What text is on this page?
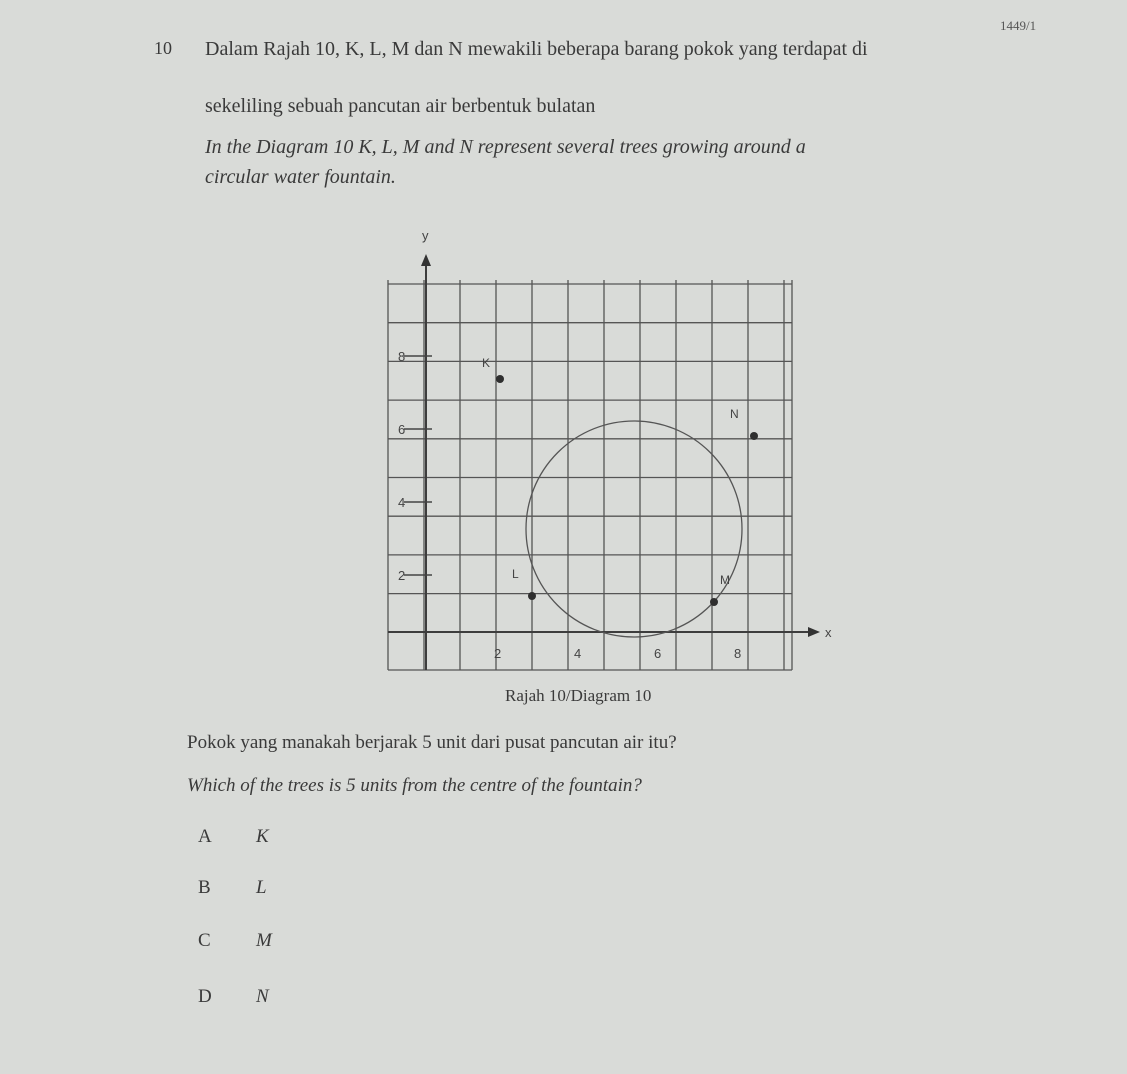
1449/1
10 Dalam Rajah 10, K, L, M dan N mewakili beberapa barang pokok yang terdapat di
sekeliling sebuah pancutan air berbentuk bulatan
In the Diagram 10 K, L, M and N represent several trees growing around a
circular water fountain.
x
y
2	4	6	8
2
4
6
8	K
L	M
N
Rajah 10/Diagram 10
Pokok yang manakah berjarak 5 unit dari pusat pancutan air itu?
Which of the trees is 5 units from the centre of the fountain?
A K
B L
C M
D N
